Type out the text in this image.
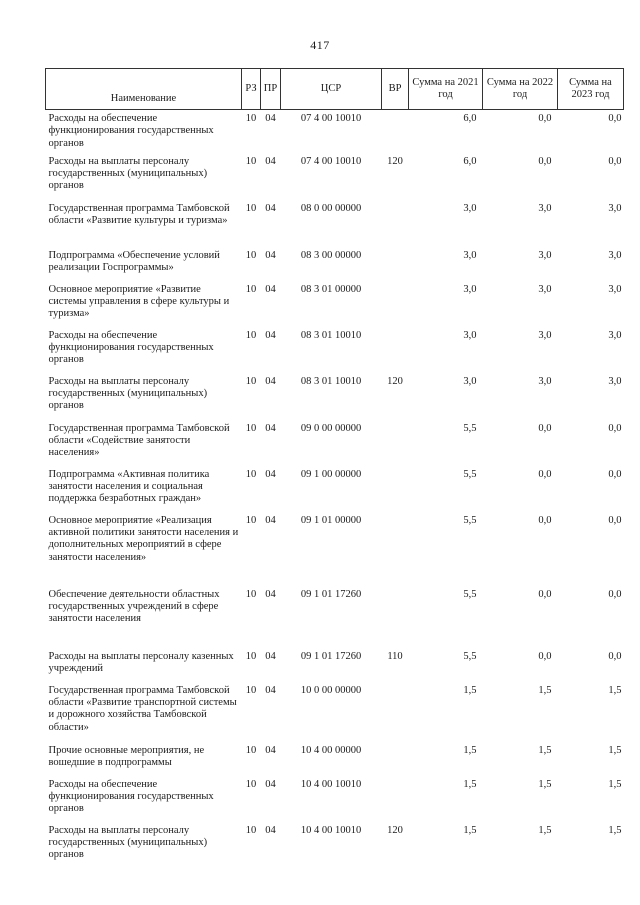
417
Наименование	РЗ	ПР	ЦСР	ВР	Сумма на 2021 год	Сумма на 2022 год	Сумма на 2023 год
Расходы на обеспечение функционирования государственных органов	10	04	07 4 00 10010		6,0	0,0	0,0
Расходы на выплаты персоналу государственных (муниципальных) органов	10	04	07 4 00 10010	120	6,0	0,0	0,0
Государственная программа Тамбовской области «Развитие культуры и туризма»	10	04	08 0 00 00000		3,0	3,0	3,0
Подпрограмма «Обеспечение условий реализации Госпрограммы»	10	04	08 3 00 00000		3,0	3,0	3,0
Основное мероприятие «Развитие системы управления в сфере культуры и туризма»	10	04	08 3 01 00000		3,0	3,0	3,0
Расходы на обеспечение функционирования государственных органов	10	04	08 3 01 10010		3,0	3,0	3,0
Расходы на выплаты персоналу государственных (муниципальных) органов	10	04	08 3 01 10010	120	3,0	3,0	3,0
Государственная программа Тамбовской области «Содействие занятости населения»	10	04	09 0 00 00000		5,5	0,0	0,0
Подпрограмма «Активная политика занятости населения и социальная поддержка безработных граждан»	10	04	09 1 00 00000		5,5	0,0	0,0
Основное мероприятие «Реализация активной политики занятости населения и дополнительных мероприятий в сфере занятости населения»	10	04	09 1 01 00000		5,5	0,0	0,0
Обеспечение деятельности областных государственных учреждений в сфере занятости населения	10	04	09 1 01 17260		5,5	0,0	0,0
Расходы на выплаты персоналу казенных учреждений	10	04	09 1 01 17260	110	5,5	0,0	0,0
Государственная программа Тамбовской области «Развитие транспортной системы и дорожного хозяйства Тамбовской области»	10	04	10 0 00 00000		1,5	1,5	1,5
Прочие основные мероприятия, не вошедшие в подпрограммы	10	04	10 4 00 00000		1,5	1,5	1,5
Расходы на обеспечение функционирования государственных органов	10	04	10 4 00 10010		1,5	1,5	1,5
Расходы на выплаты персоналу государственных (муниципальных) органов	10	04	10 4 00 10010	120	1,5	1,5	1,5
